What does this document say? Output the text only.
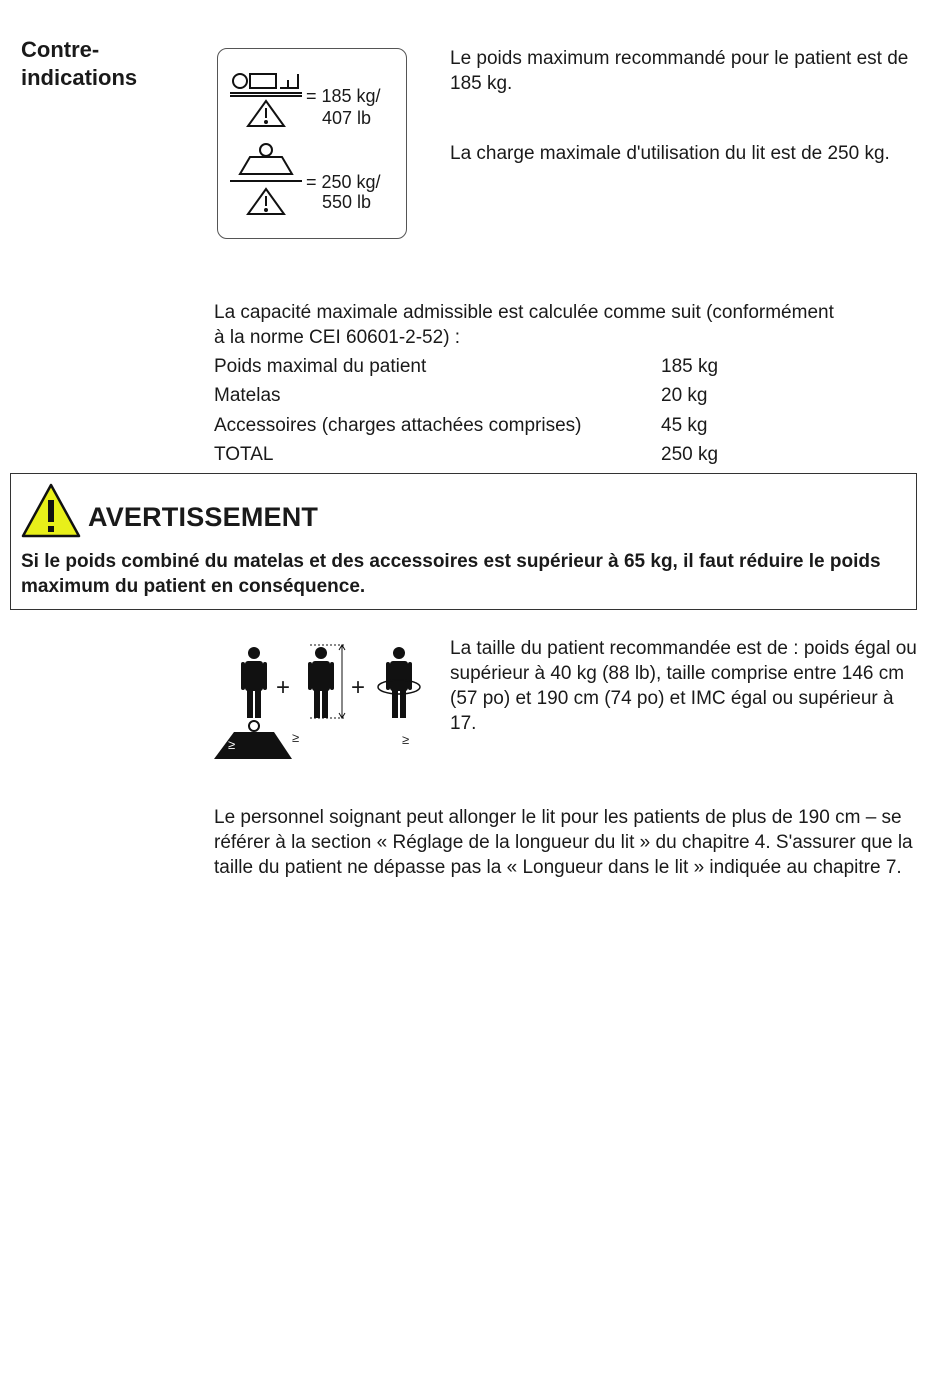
Contre-
indications
= 185 kg/
407 lb
= 250 kg/
550 lb
Le poids maximum recommandé pour le patient est de 185 kg.
La charge maximale d'utilisation du lit est de 250 kg.
La capacité maximale admissible est calculée comme suit (conformément à la norme CEI 60601-2-52) :
Poids maximal du patient	185 kg
Matelas	20 kg
Accessoires (charges attachées comprises)	45 kg
TOTAL	250 kg
AVERTISSEMENT
Si le poids combiné du matelas et des accessoires est supérieur à 65 kg, il faut réduire le poids maximum du patient en conséquence.
+	+
≥	≥	≥
La taille du patient recommandée est de : poids égal ou supérieur à 40 kg (88 lb), taille comprise entre 146 cm (57 po) et 190 cm (74 po) et IMC égal ou supérieur à 17.
Le personnel soignant peut allonger le lit pour les patients de plus de 190 cm – se référer à la section « Réglage de la longueur du lit » du chapitre 4. S'assurer que la taille du patient ne dépasse pas la « Longueur dans le lit » indiquée au chapitre 7.
